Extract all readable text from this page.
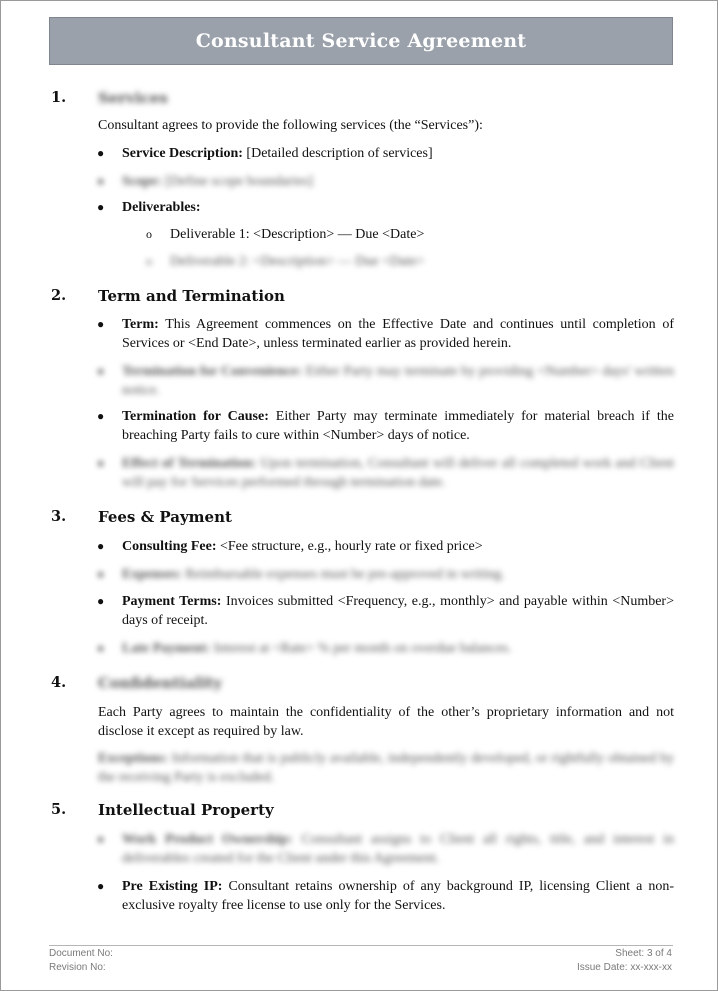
Consultant Service Agreement
1. Services
Consultant agrees to provide the following services (the “Services”):
● Service Description: [Detailed description of services]
● Scope: [Define scope boundaries]
● Deliverables:
o Deliverable 1: <Description> — Due <Date>
o Deliverable 2: <Description> — Due <Date>
2. Term and Termination
● Term: This Agreement commences on the Effective Date and continues until completion of Services or <End Date>, unless terminated earlier as provided herein.
● Termination for Convenience: Either Party may terminate by providing <Number> days' written notice.
● Termination for Cause: Either Party may terminate immediately for material breach if the breaching Party fails to cure within <Number> days of notice.
● Effect of Termination: Upon termination, Consultant will deliver all completed work and Client will pay for Services performed through termination date.
3. Fees & Payment
● Consulting Fee: <Fee structure, e.g., hourly rate or fixed price>
● Expenses: Reimbursable expenses must be pre-approved in writing.
● Payment Terms: Invoices submitted <Frequency, e.g., monthly> and payable within <Number> days of receipt.
● Late Payment: Interest at <Rate> % per month on overdue balances.
4. Confidentiality
Each Party agrees to maintain the confidentiality of the other’s proprietary information and not disclose it except as required by law.
Exceptions: Information that is publicly available, independently developed, or rightfully obtained by the receiving Party is excluded.
5. Intellectual Property
● Work Product Ownership: Consultant assigns to Client all rights, title, and interest in deliverables created for the Client under this Agreement.
● Pre Existing IP: Consultant retains ownership of any background IP, licensing Client a non-exclusive royalty free license to use only for the Services.
Document No:
Revision No:
Sheet: 3 of 4
Issue Date: xx-xxx-xx
